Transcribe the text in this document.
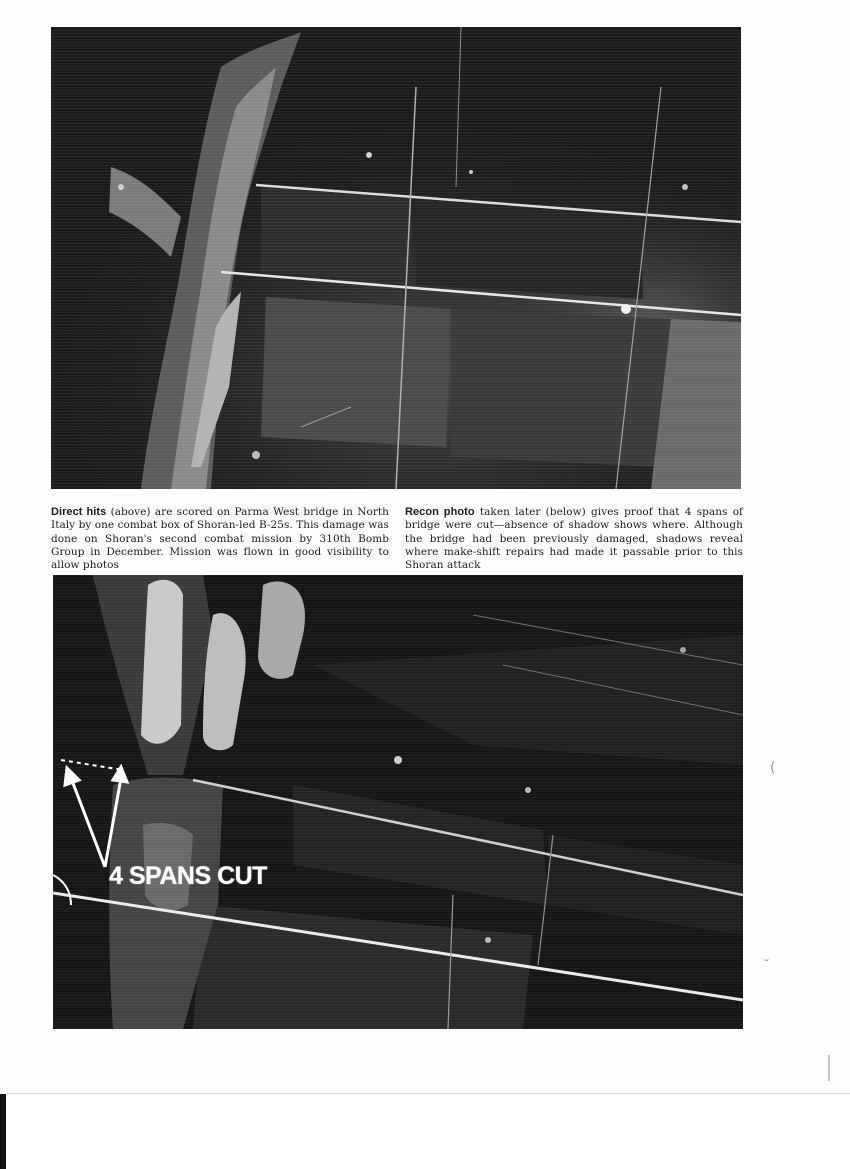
Direct hits (above) are scored on Parma West bridge in North Italy by one combat box of Shoran-led B-25s. This damage was done on Shoran's second combat mission by 310th Bomb Group in December. Mission was flown in good visibility to allow photos
Recon photo taken later (below) gives proof that 4 spans of bridge were cut—absence of shadow shows where. Although the bridge had been previously damaged, shadows reveal where make-shift repairs had made it passable prior to this Shoran attack
4 SPANS CUT
(
